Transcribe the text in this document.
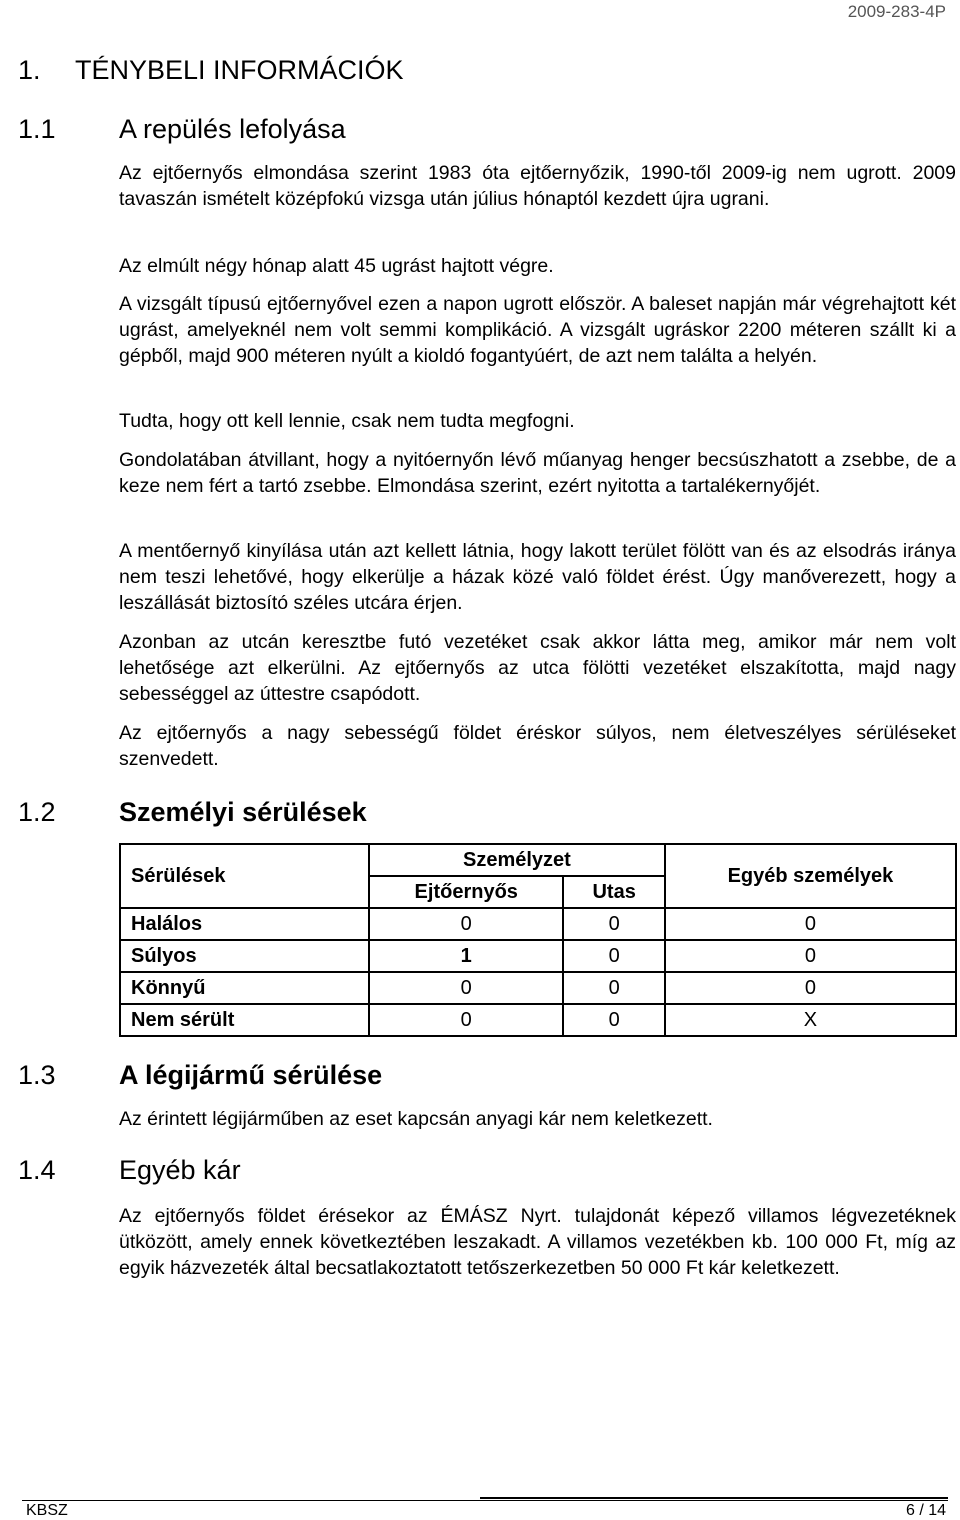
2009-283-4P
1. TÉNYBELI INFORMÁCIÓK
1.1 A repülés lefolyása

Az ejtőernyős elmondása szerint 1983 óta ejtőernyőzik, 1990-től 2009-ig nem ugrott. 2009 tavaszán ismételt középfokú vizsga után július hónaptól kezdett újra ugrani.

Az elmúlt négy hónap alatt 45 ugrást hajtott végre.

A vizsgált típusú ejtőernyővel ezen a napon ugrott először. A baleset napján már végrehajtott két ugrást, amelyeknél nem volt semmi komplikáció. A vizsgált ugráskor 2200 méteren szállt ki a gépből, majd 900 méteren nyúlt a kioldó fogantyúért, de azt nem találta a helyén.

Tudta, hogy ott kell lennie, csak nem tudta megfogni.

Gondolatában átvillant, hogy a nyitóernyőn lévő műanyag henger becsúszhatott a zsebbe, de a keze nem fért a tartó zsebbe. Elmondása szerint, ezért nyitotta a tartalékernyőjét.

A mentőernyő kinyílása után azt kellett látnia, hogy lakott terület fölött van és az elsodrás iránya nem teszi lehetővé, hogy elkerülje a házak közé való földet érést. Úgy manőverezett, hogy a leszállását biztosító széles utcára érjen.

Azonban az utcán keresztbe futó vezetéket csak akkor látta meg, amikor már nem volt lehetősége azt elkerülni. Az ejtőernyős az utca fölötti vezetéket elszakította, majd nagy sebességgel az úttestre csapódott.

Az ejtőernyős a nagy sebességű földet éréskor súlyos, nem életveszélyes sérüléseket szenvedett.

1.2 Személyi sérülések
Sérülések	Személyzet		Egyéb személyek
	Ejtőernyős	Utas	
Halálos	0	0	0
Súlyos	1	0	0
Könnyű	0	0	0
Nem sérült	0	0	X
1.3 A légijármű sérülése

Az érintett légijárműben az eset kapcsán anyagi kár nem keletkezett.

1.4 Egyéb kár

Az ejtőernyős földet érésekor az ÉMÁSZ Nyrt. tulajdonát képező villamos légvezetéknek ütközött, amely ennek következtében leszakadt. A villamos vezetékben kb. 100 000 Ft, míg az egyik házvezeték által becsatlakoztatott tetőszerkezetben 50 000 Ft kár keletkezett.

KBSZ	6 / 14
